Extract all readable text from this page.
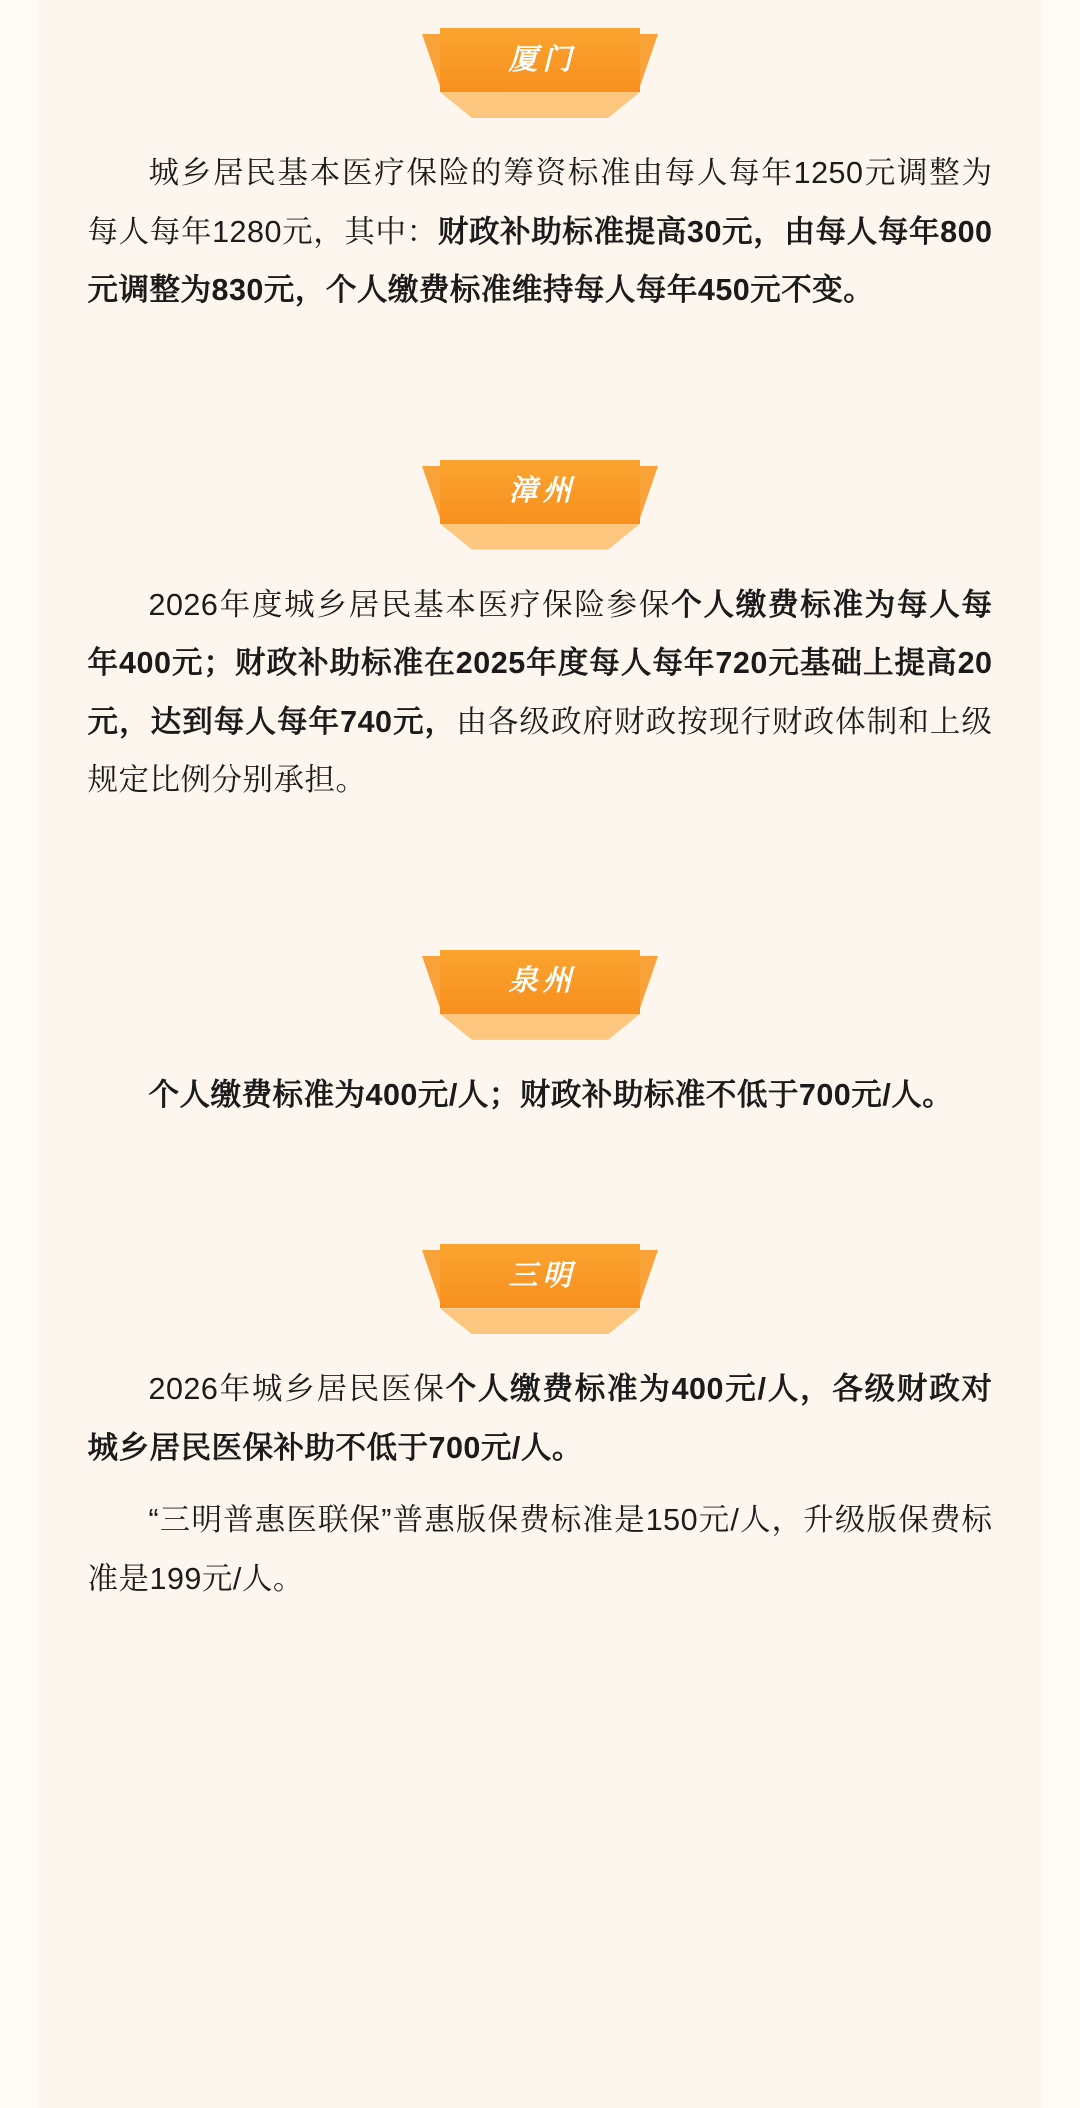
厦门

城乡居民基本医疗保险的筹资标准由每人每年1250元调整为每人每年1280元，其中：财政补助标准提高30元，由每人每年800元调整为830元，个人缴费标准维持每人每年450元不变。

漳州

2026年度城乡居民基本医疗保险参保个人缴费标准为每人每年400元；财政补助标准在2025年度每人每年720元基础上提高20元，达到每人每年740元，由各级政府财政按现行财政体制和上级规定比例分别承担。

泉州

个人缴费标准为400元/人；财政补助标准不低于700元/人。

三明

2026年城乡居民医保个人缴费标准为400元/人，各级财政对城乡居民医保补助不低于700元/人。

“三明普惠医联保”普惠版保费标准是150元/人，升级版保费标准是199元/人。
